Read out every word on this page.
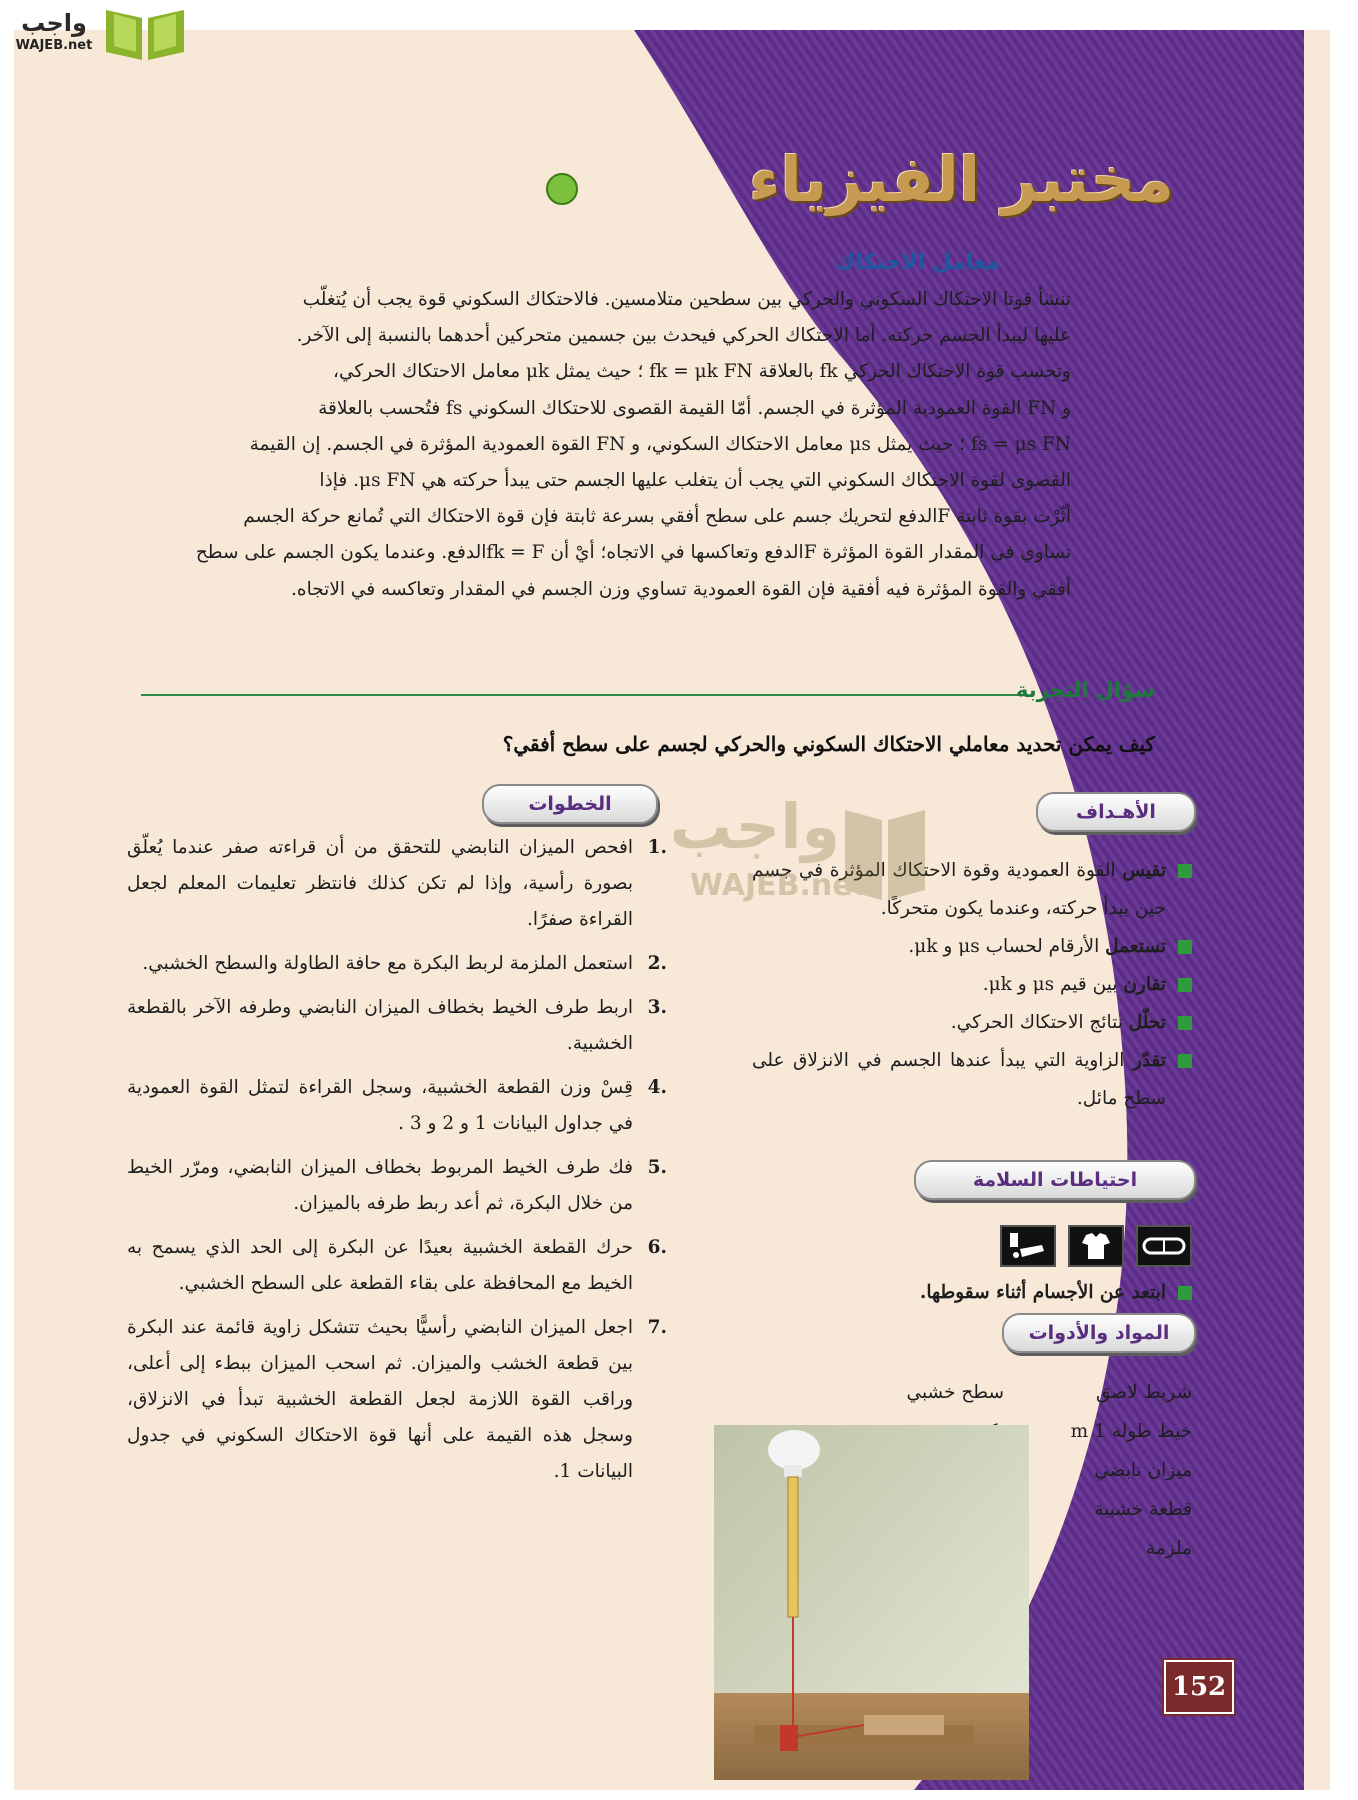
مختبر الفيزياء
معامل الاحتكاك

تنشأ قوتا الاحتكاك السكوني والحركي بين سطحين متلامسين. فالاحتكاك السكوني قوة يجب أن يُتغلّب

عليها ليبدأ الجسم حركته. أما الاحتكاك الحركي فيحدث بين جسمين متحركين أحدهما بالنسبة إلى الآخر.

وتحسب قوة الاحتكاك الحركي fk بالعلاقة fk = μk FN ؛ حيث يمثل μk معامل الاحتكاك الحركي،

و FN القوة العمودية المؤثرة في الجسم. أمّا القيمة القصوى للاحتكاك السكوني fs فتُحسب بالعلاقة

fs = μs FN ؛ حيث يمثل μs معامل الاحتكاك السكوني، و FN القوة العمودية المؤثرة في الجسم. إن القيمة

القصوى لقوة الاحتكاك السكوني التي يجب أن يتغلب عليها الجسم حتى يبدأ حركته هي μs FN. فإذا

أثّرْت بقوة ثابتة Fالدفع لتحريك جسم على سطح أفقي بسرعة ثابتة فإن قوة الاحتكاك التي تُمانع حركة الجسم

تساوي في المقدار القوة المؤثرة Fالدفع وتعاكسها في الاتجاه؛ أيْ أن fk = Fالدفع. وعندما يكون الجسم على سطح

أفقي والقوة المؤثرة فيه أفقية فإن القوة العمودية تساوي وزن الجسم في المقدار وتعاكسه في الاتجاه.

سؤال التجربة
كيف يمكن تحديد معاملي الاحتكاك السكوني والحركي لجسم على سطح أفقي؟
الأهـداف

تقيس القوة العمودية وقوة الاحتكاك المؤثرة في جسم حين يبدأ حركته، وعندما يكون متحركًا.

تستعمل الأرقام لحساب μs و μk.

تقارن بين قيم μs و μk.

تحلّل نتائج الاحتكاك الحركي.

تقدّر الزاوية التي يبدأ عندها الجسم في الانزلاق على سطح مائل.

احتياطات السلامة
ابتعد عن الأجسام أثناء سقوطها.
المواد والأدوات
شريط لاصق
خيط طوله 1 m
ميزان نابضي
قطعة خشبية
ملزمة
سطح خشبي
152
الخطوات
.1
افحص الميزان النابضي للتحقق من أن قراءته صفر عندما يُعلّق بصورة رأسية، وإذا لم تكن كذلك فانتظر تعليمات المعلم لجعل القراءة صفرًا.
.2
استعمل الملزمة لربط البكرة مع حافة الطاولة والسطح الخشبي.
.3
اربط طرف الخيط بخطاف الميزان النابضي وطرفه الآخر بالقطعة الخشبية.
.4
قِسْ وزن القطعة الخشبية، وسجل القراءة لتمثل القوة العمودية في جداول البيانات 1 و 2 و 3 .
.5
فك طرف الخيط المربوط بخطاف الميزان النابضي، ومرّر الخيط من خلال البكرة، ثم أعد ربط طرفه بالميزان.
.6
حرك القطعة الخشبية بعيدًا عن البكرة إلى الحد الذي يسمح به الخيط مع المحافظة على بقاء القطعة على السطح الخشبي.
.7
اجعل الميزان النابضي رأسيًّا بحيث تتشكل زاوية قائمة عند البكرة بين قطعة الخشب والميزان. ثم اسحب الميزان ببطء إلى أعلى، وراقب القوة اللازمة لجعل القطعة الخشبية تبدأ في الانزلاق، وسجل هذه القيمة على أنها قوة الاحتكاك السكوني في جدول البيانات 1.
واجب
WAJEB.net
واجب
WAJEB.net
